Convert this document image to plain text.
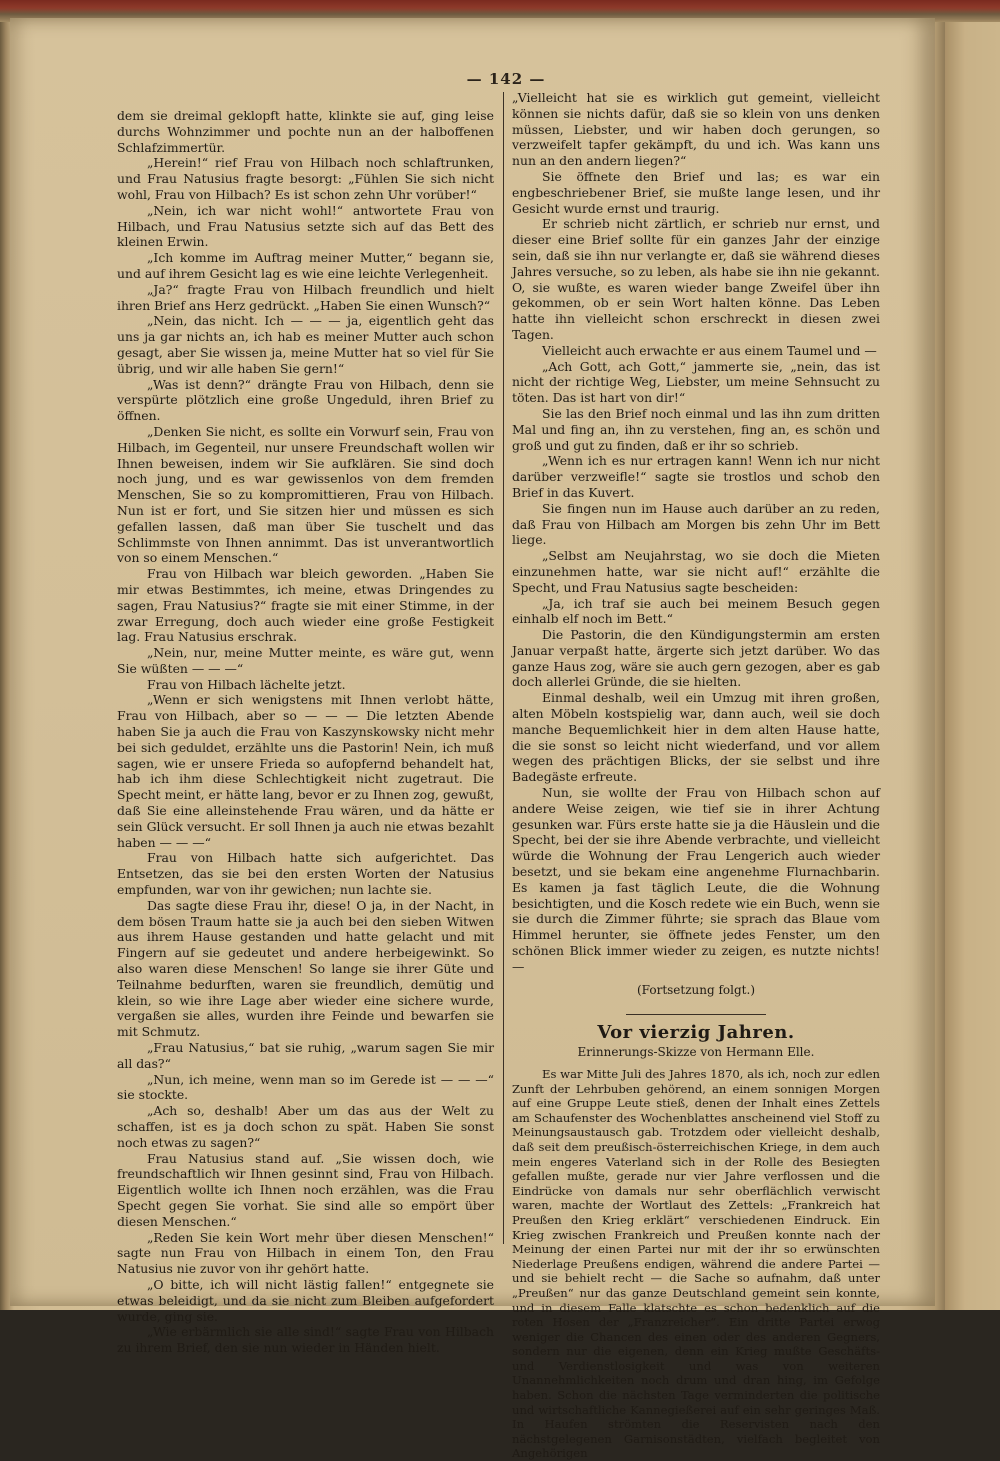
— 142 —

dem sie dreimal geklopft hatte, klinkte sie auf, ging leise durchs Wohnzimmer und pochte nun an der halboffenen Schlafzimmertür.

„Herein!“ rief Frau von Hilbach noch schlaftrunken, und Frau Natusius fragte besorgt: „Fühlen Sie sich nicht wohl, Frau von Hilbach? Es ist schon zehn Uhr vorüber!“

„Nein, ich war nicht wohl!“ antwortete Frau von Hilbach, und Frau Natusius setzte sich auf das Bett des kleinen Erwin.

„Ich komme im Auftrag meiner Mutter,“ begann sie, und auf ihrem Gesicht lag es wie eine leichte Verlegenheit.

„Ja?“ fragte Frau von Hilbach freundlich und hielt ihren Brief ans Herz gedrückt. „Haben Sie einen Wunsch?“

„Nein, das nicht. Ich — — — ja, eigentlich geht das uns ja gar nichts an, ich hab es meiner Mutter auch schon gesagt, aber Sie wissen ja, meine Mutter hat so viel für Sie übrig, und wir alle haben Sie gern!“

„Was ist denn?“ drängte Frau von Hilbach, denn sie verspürte plötzlich eine große Ungeduld, ihren Brief zu öffnen.

„Denken Sie nicht, es sollte ein Vorwurf sein, Frau von Hilbach, im Gegenteil, nur unsere Freundschaft wollen wir Ihnen beweisen, indem wir Sie aufklären. Sie sind doch noch jung, und es war gewissenlos von dem fremden Menschen, Sie so zu kompromittieren, Frau von Hilbach. Nun ist er fort, und Sie sitzen hier und müssen es sich gefallen lassen, daß man über Sie tuschelt und das Schlimmste von Ihnen annimmt. Das ist unverantwortlich von so einem Menschen.“

Frau von Hilbach war bleich geworden. „Haben Sie mir etwas Bestimmtes, ich meine, etwas Dringendes zu sagen, Frau Natusius?“ fragte sie mit einer Stimme, in der zwar Erregung, doch auch wieder eine große Festigkeit lag. Frau Natusius erschrak.

„Nein, nur, meine Mutter meinte, es wäre gut, wenn Sie wüßten — — —“

Frau von Hilbach lächelte jetzt.

„Wenn er sich wenigstens mit Ihnen verlobt hätte, Frau von Hilbach, aber so — — — Die letzten Abende haben Sie ja auch die Frau von Kaszynskowsky nicht mehr bei sich geduldet, erzählte uns die Pastorin! Nein, ich muß sagen, wie er unsere Frieda so aufopfernd behandelt hat, hab ich ihm diese Schlechtigkeit nicht zugetraut. Die Specht meint, er hätte lang, bevor er zu Ihnen zog, gewußt, daß Sie eine alleinstehende Frau wären, und da hätte er sein Glück versucht. Er soll Ihnen ja auch nie etwas bezahlt haben — — —“

Frau von Hilbach hatte sich aufgerichtet. Das Entsetzen, das sie bei den ersten Worten der Natusius empfunden, war von ihr gewichen; nun lachte sie.

Das sagte diese Frau ihr, diese! O ja, in der Nacht, in dem bösen Traum hatte sie ja auch bei den sieben Witwen aus ihrem Hause gestanden und hatte gelacht und mit Fingern auf sie gedeutet und andere herbeigewinkt. So also waren diese Menschen! So lange sie ihrer Güte und Teilnahme bedurften, waren sie freundlich, demütig und klein, so wie ihre Lage aber wieder eine sichere wurde, vergaßen sie alles, wurden ihre Feinde und bewarfen sie mit Schmutz.

„Frau Natusius,“ bat sie ruhig, „warum sagen Sie mir all das?“

„Nun, ich meine, wenn man so im Gerede ist — — —“ sie stockte.

„Ach so, deshalb! Aber um das aus der Welt zu schaffen, ist es ja doch schon zu spät. Haben Sie sonst noch etwas zu sagen?“

Frau Natusius stand auf. „Sie wissen doch, wie freundschaftlich wir Ihnen gesinnt sind, Frau von Hilbach. Eigentlich wollte ich Ihnen noch erzählen, was die Frau Specht gegen Sie vorhat. Sie sind alle so empört über diesen Menschen.“

„Reden Sie kein Wort mehr über diesen Menschen!“ sagte nun Frau von Hilbach in einem Ton, den Frau Natusius nie zuvor von ihr gehört hatte.

„O bitte, ich will nicht lästig fallen!“ entgegnete sie etwas beleidigt, und da sie nicht zum Bleiben aufgefordert wurde, ging sie.

„Wie erbärmlich sie alle sind!“ sagte Frau von Hilbach zu ihrem Brief, den sie nun wieder in Händen hielt.

„Vielleicht hat sie es wirklich gut gemeint, vielleicht können sie nichts dafür, daß sie so klein von uns denken müssen, Liebster, und wir haben doch gerungen, so verzweifelt tapfer gekämpft, du und ich. Was kann uns nun an den andern liegen?“

Sie öffnete den Brief und las; es war ein engbeschriebener Brief, sie mußte lange lesen, und ihr Gesicht wurde ernst und traurig.

Er schrieb nicht zärtlich, er schrieb nur ernst, und dieser eine Brief sollte für ein ganzes Jahr der einzige sein, daß sie ihn nur verlangte er, daß sie während dieses Jahres versuche, so zu leben, als habe sie ihn nie gekannt. O, sie wußte, es waren wieder bange Zweifel über ihn gekommen, ob er sein Wort halten könne. Das Leben hatte ihn vielleicht schon erschreckt in diesen zwei Tagen.

Vielleicht auch erwachte er aus einem Taumel und —

„Ach Gott, ach Gott,“ jammerte sie, „nein, das ist nicht der richtige Weg, Liebster, um meine Sehnsucht zu töten. Das ist hart von dir!“

Sie las den Brief noch einmal und las ihn zum dritten Mal und fing an, ihn zu verstehen, fing an, es schön und groß und gut zu finden, daß er ihr so schrieb.

„Wenn ich es nur ertragen kann! Wenn ich nur nicht darüber verzweifle!“ sagte sie trostlos und schob den Brief in das Kuvert.

Sie fingen nun im Hause auch darüber an zu reden, daß Frau von Hilbach am Morgen bis zehn Uhr im Bett liege.

„Selbst am Neujahrstag, wo sie doch die Mieten einzunehmen hatte, war sie nicht auf!“ erzählte die Specht, und Frau Natusius sagte bescheiden:

„Ja, ich traf sie auch bei meinem Besuch gegen einhalb elf noch im Bett.“

Die Pastorin, die den Kündigungstermin am ersten Januar verpaßt hatte, ärgerte sich jetzt darüber. Wo das ganze Haus zog, wäre sie auch gern gezogen, aber es gab doch allerlei Gründe, die sie hielten.

Einmal deshalb, weil ein Umzug mit ihren großen, alten Möbeln kostspielig war, dann auch, weil sie doch manche Bequemlichkeit hier in dem alten Hause hatte, die sie sonst so leicht nicht wiederfand, und vor allem wegen des prächtigen Blicks, der sie selbst und ihre Badegäste erfreute.

Nun, sie wollte der Frau von Hilbach schon auf andere Weise zeigen, wie tief sie in ihrer Achtung gesunken war. Fürs erste hatte sie ja die Häuslein und die Specht, bei der sie ihre Abende verbrachte, und vielleicht würde die Wohnung der Frau Lengerich auch wieder besetzt, und sie bekam eine angenehme Flurnachbarin. Es kamen ja fast täglich Leute, die die Wohnung besichtigten, und die Kosch redete wie ein Buch, wenn sie sie durch die Zimmer führte; sie sprach das Blaue vom Himmel herunter, sie öffnete jedes Fenster, um den schönen Blick immer wieder zu zeigen, es nutzte nichts! —

(Fortsetzung folgt.)

Vor vierzig Jahren.

Erinnerungs-Skizze von Hermann Elle.

Es war Mitte Juli des Jahres 1870, als ich, noch zur edlen Zunft der Lehrbuben gehörend, an einem sonnigen Morgen auf eine Gruppe Leute stieß, denen der Inhalt eines Zettels am Schaufenster des Wochenblattes anscheinend viel Stoff zu Meinungsaustausch gab. Trotzdem oder vielleicht deshalb, daß seit dem preußisch-österreichischen Kriege, in dem auch mein engeres Vaterland sich in der Rolle des Besiegten gefallen mußte, gerade nur vier Jahre verflossen und die Eindrücke von damals nur sehr oberflächlich verwischt waren, machte der Wortlaut des Zettels: „Frankreich hat Preußen den Krieg erklärt“ verschiedenen Eindruck. Ein Krieg zwischen Frankreich und Preußen konnte nach der Meinung der einen Partei nur mit der ihr so erwünschten Niederlage Preußens endigen, während die andere Partei — und sie behielt recht — die Sache so aufnahm, daß unter „Preußen“ nur das ganze Deutschland gemeint sein konnte, und in diesem Falle klatschte es schon bedenklich auf die roten Hosen der „Franzreicher“. Ein dritte Partei erwog weniger die Chancen des einen oder des anderen Gegners, sondern nur die eigenen, denn ein Krieg mußte Geschäfts- und Verdienstlosigkeit und was von weiteren Unannehmlichkeiten noch drum und dran hing, im Gefolge haben. Schon die nächsten Tage verminderten die politische und wirtschaftliche Kannegießerei auf ein sehr geringes Maß. In Haufen strömten die Reservisten nach den nächstgelegenen Garnisonstädten, vielfach begleitet von Angehörigen
